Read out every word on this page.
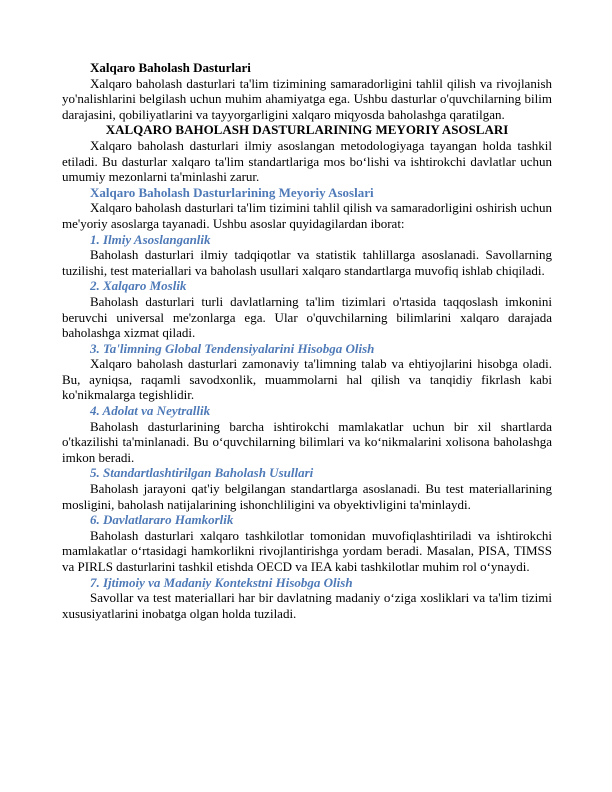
Xalqaro Baholash Dasturlari

Xalqaro baholash dasturlari ta'lim tizimining samaradorligini tahlil qilish va rivojlanish yo'nalishlarini belgilash uchun muhim ahamiyatga ega. Ushbu dasturlar o'quvchilarning bilim darajasini, qobiliyatlarini va tayyorgarligini xalqaro miqyosda baholashga qaratilgan.

XALQARO BAHOLASH DASTURLARINING MEYORIY ASOSLARI

Xalqaro baholash dasturlari ilmiy asoslangan metodologiyaga tayangan holda tashkil etiladi. Bu dasturlar xalqaro ta'lim standartlariga mos bo‘lishi va ishtirokchi davlatlar uchun umumiy mezonlarni ta'minlashi zarur.

Xalqaro Baholash Dasturlarining Meyoriy Asoslari

Xalqaro baholash dasturlari ta'lim tizimini tahlil qilish va samaradorligini oshirish uchun me'yoriy asoslarga tayanadi. Ushbu asoslar quyidagilardan iborat:

1. Ilmiy Asoslanganlik

Baholash dasturlari ilmiy tadqiqotlar va statistik tahlillarga asoslanadi. Savollarning tuzilishi, test materiallari va baholash usullari xalqaro standartlarga muvofiq ishlab chiqiladi.

2. Xalqaro Moslik

Baholash dasturlari turli davlatlarning ta'lim tizimlari o'rtasida taqqoslash imkonini beruvchi universal me'zonlarga ega. Ular o'quvchilarning bilimlarini xalqaro darajada baholashga xizmat qiladi.

3. Ta'limning Global Tendensiyalarini Hisobga Olish

Xalqaro baholash dasturlari zamonaviy ta'limning talab va ehtiyojlarini hisobga oladi. Bu, ayniqsa, raqamli savodxonlik, muammolarni hal qilish va tanqidiy fikrlash kabi ko'nikmalarga tegishlidir.

4. Adolat va Neytrallik

Baholash dasturlarining barcha ishtirokchi mamlakatlar uchun bir xil shartlarda o'tkazilishi ta'minlanadi. Bu o‘quvchilarning bilimlari va ko‘nikmalarini xolisona baholashga imkon beradi.

5. Standartlashtirilgan Baholash Usullari

Baholash jarayoni qat'iy belgilangan standartlarga asoslanadi. Bu test materiallarining mosligini, baholash natijalarining ishonchliligini va obyektivligini ta'minlaydi.

6. Davlatlararo Hamkorlik

Baholash dasturlari xalqaro tashkilotlar tomonidan muvofiqlashtiriladi va ishtirokchi mamlakatlar o‘rtasidagi hamkorlikni rivojlantirishga yordam beradi. Masalan, PISA, TIMSS va PIRLS dasturlarini tashkil etishda OECD va IEA kabi tashkilotlar muhim rol o‘ynaydi.

7. Ijtimoiy va Madaniy Kontekstni Hisobga Olish

Savollar va test materiallari har bir davlatning madaniy o‘ziga xosliklari va ta'lim tizimi xususiyatlarini inobatga olgan holda tuziladi.
